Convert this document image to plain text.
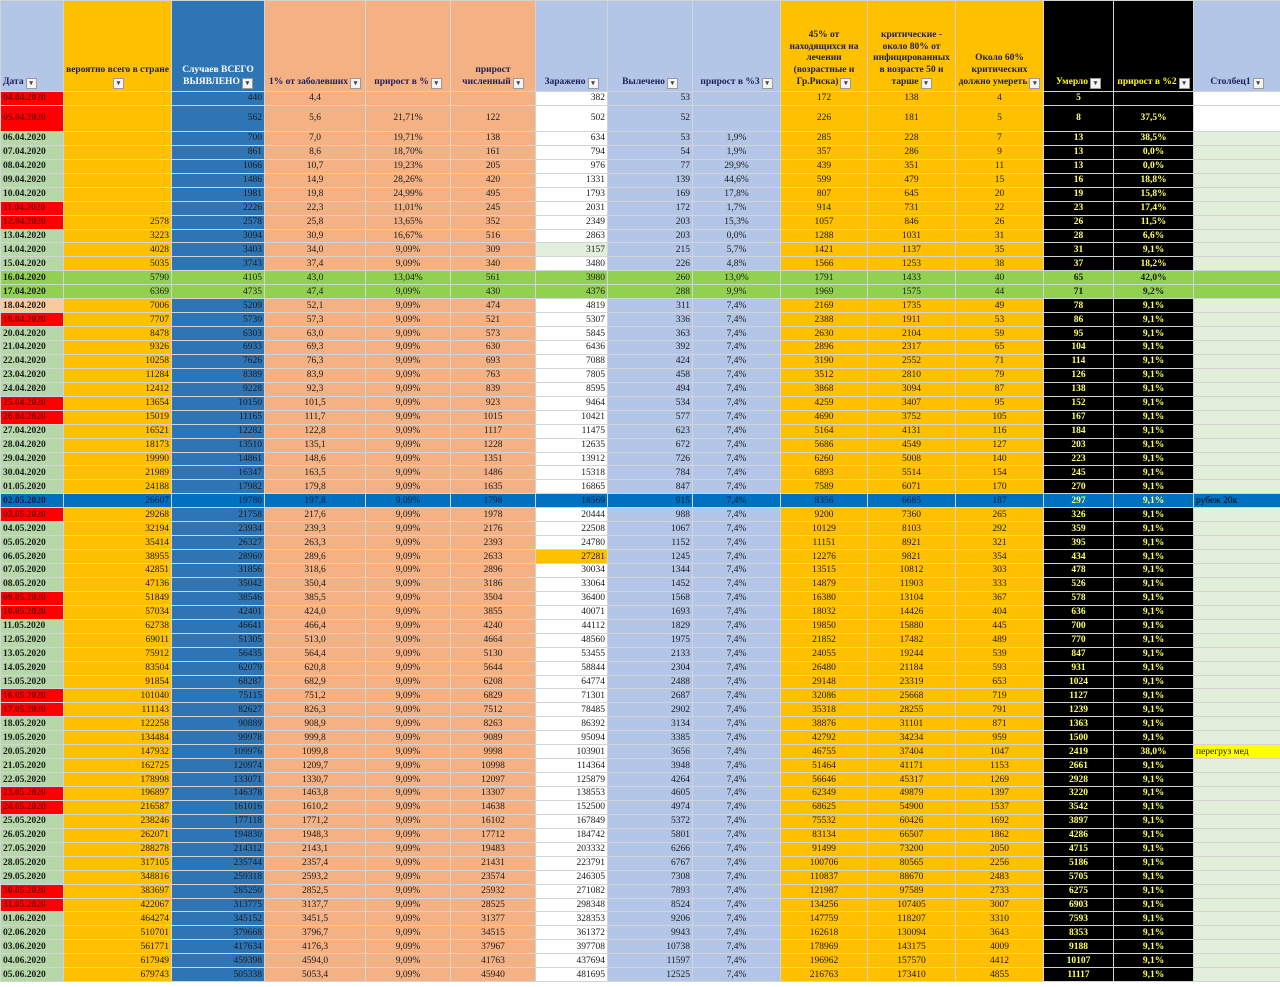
Дата ▾	вероятно всего в стране▾	Случаев ВСЕГО ВЫЯВЛЕНО ▾	1% от заболевших ▾	прирост в % ▾	прирост численный ▾	Заражено ▾	Вылечено ▾	прирост в %3 ▾	45% от находящихся на лечении (возрастные и Гр.Риска) ▾	критические - около 80% от инфицированных в возрасте 50 и тарше ▾	Около 60% критических должно умереть ▾	Умерло ▾	прирост в %2 ▾	Столбец1 ▾
04.04.2020		440	4,4			382	53		172	138	4	5		
05.04.2020		562	5,6	21,71%	122	502	52		226	181	5	8	37,5%	
06.04.2020		700	7,0	19,71%	138	634	53	1,9%	285	228	7	13	38,5%	
07.04.2020		861	8,6	18,70%	161	794	54	1,9%	357	286	9	13	0,0%	
08.04.2020		1066	10,7	19,23%	205	976	77	29,9%	439	351	11	13	0,0%	
09.04.2020		1486	14,9	28,26%	420	1331	139	44,6%	599	479	15	16	18,8%	
10.04.2020		1981	19,8	24,99%	495	1793	169	17,8%	807	645	20	19	15,8%	
11.04.2020		2226	22,3	11,01%	245	2031	172	1,7%	914	731	22	23	17,4%	
12.04.2020	2578	2578	25,8	13,65%	352	2349	203	15,3%	1057	846	26	26	11,5%	
13.04.2020	3223	3094	30,9	16,67%	516	2863	203	0,0%	1288	1031	31	28	6,6%	
14.04.2020	4028	3403	34,0	9,09%	309	3157	215	5,7%	1421	1137	35	31	9,1%	
15.04.2020	5035	3743	37,4	9,09%	340	3480	226	4,8%	1566	1253	38	37	18,2%	
16.04.2020	5790	4105	43,0	13,04%	561	3980	260	13,0%	1791	1433	40	65	42,0%	
17.04.2020	6369	4735	47,4	9,09%	430	4376	288	9,9%	1969	1575	44	71	9,2%	
18.04.2020	7006	5209	52,1	9,09%	474	4819	311	7,4%	2169	1735	49	78	9,1%	
19.04.2020	7707	5730	57,3	9,09%	521	5307	336	7,4%	2388	1911	53	86	9,1%	
20.04.2020	8478	6303	63,0	9,09%	573	5845	363	7,4%	2630	2104	59	95	9,1%	
21.04.2020	9326	6933	69,3	9,09%	630	6436	392	7,4%	2896	2317	65	104	9,1%	
22.04.2020	10258	7626	76,3	9,09%	693	7088	424	7,4%	3190	2552	71	114	9,1%	
23.04.2020	11284	8389	83,9	9,09%	763	7805	458	7,4%	3512	2810	79	126	9,1%	
24.04.2020	12412	9228	92,3	9,09%	839	8595	494	7,4%	3868	3094	87	138	9,1%	
25.04.2020	13654	10150	101,5	9,09%	923	9464	534	7,4%	4259	3407	95	152	9,1%	
26.04.2020	15019	11165	111,7	9,09%	1015	10421	577	7,4%	4690	3752	105	167	9,1%	
27.04.2020	16521	12282	122,8	9,09%	1117	11475	623	7,4%	5164	4131	116	184	9,1%	
28.04.2020	18173	13510	135,1	9,09%	1228	12635	672	7,4%	5686	4549	127	203	9,1%	
29.04.2020	19990	14861	148,6	9,09%	1351	13912	726	7,4%	6260	5008	140	223	9,1%	
30.04.2020	21989	16347	163,5	9,09%	1486	15318	784	7,4%	6893	5514	154	245	9,1%	
01.05.2020	24188	17982	179,8	9,09%	1635	16865	847	7,4%	7589	6071	170	270	9,1%	
02.05.2020	26607	19780	197,8	9,09%	1798	18569	915	7,4%	8356	6685	187	297	9,1%	рубеж 20к
03.05.2020	29268	21758	217,6	9,09%	1978	20444	988	7,4%	9200	7360	265	326	9,1%	
04.05.2020	32194	23934	239,3	9,09%	2176	22508	1067	7,4%	10129	8103	292	359	9,1%	
05.05.2020	35414	26327	263,3	9,09%	2393	24780	1152	7,4%	11151	8921	321	395	9,1%	
06.05.2020	38955	28960	289,6	9,09%	2633	27281	1245	7,4%	12276	9821	354	434	9,1%	
07.05.2020	42851	31856	318,6	9,09%	2896	30034	1344	7,4%	13515	10812	303	478	9,1%	
08.05.2020	47136	35042	350,4	9,09%	3186	33064	1452	7,4%	14879	11903	333	526	9,1%	
09.05.2020	51849	38546	385,5	9,09%	3504	36400	1568	7,4%	16380	13104	367	578	9,1%	
10.05.2020	57034	42401	424,0	9,09%	3855	40071	1693	7,4%	18032	14426	404	636	9,1%	
11.05.2020	62738	46641	466,4	9,09%	4240	44112	1829	7,4%	19850	15880	445	700	9,1%	
12.05.2020	69011	51305	513,0	9,09%	4664	48560	1975	7,4%	21852	17482	489	770	9,1%	
13.05.2020	75912	56435	564,4	9,09%	5130	53455	2133	7,4%	24055	19244	539	847	9,1%	
14.05.2020	83504	62079	620,8	9,09%	5644	58844	2304	7,4%	26480	21184	593	931	9,1%	
15.05.2020	91854	68287	682,9	9,09%	6208	64774	2488	7,4%	29148	23319	653	1024	9,1%	
16.05.2020	101040	75115	751,2	9,09%	6829	71301	2687	7,4%	32086	25668	719	1127	9,1%	
17.05.2020	111143	82627	826,3	9,09%	7512	78485	2902	7,4%	35318	28255	791	1239	9,1%	
18.05.2020	122258	90889	908,9	9,09%	8263	86392	3134	7,4%	38876	31101	871	1363	9,1%	
19.05.2020	134484	99978	999,8	9,09%	9089	95094	3385	7,4%	42792	34234	959	1500	9,1%	
20.05.2020	147932	109976	1099,8	9,09%	9998	103901	3656	7,4%	46755	37404	1047	2419	38,0%	перегруз мед
21.05.2020	162725	120974	1209,7	9,09%	10998	114364	3948	7,4%	51464	41171	1153	2661	9,1%	
22.05.2020	178998	133071	1330,7	9,09%	12097	125879	4264	7,4%	56646	45317	1269	2928	9,1%	
23.05.2020	196897	146378	1463,8	9,09%	13307	138553	4605	7,4%	62349	49879	1397	3220	9,1%	
24.05.2020	216587	161016	1610,2	9,09%	14638	152500	4974	7,4%	68625	54900	1537	3542	9,1%	
25.05.2020	238246	177118	1771,2	9,09%	16102	167849	5372	7,4%	75532	60426	1692	3897	9,1%	
26.05.2020	262071	194830	1948,3	9,09%	17712	184742	5801	7,4%	83134	66507	1862	4286	9,1%	
27.05.2020	288278	214312	2143,1	9,09%	19483	203332	6266	7,4%	91499	73200	2050	4715	9,1%	
28.05.2020	317105	235744	2357,4	9,09%	21431	223791	6767	7,4%	100706	80565	2256	5186	9,1%	
29.05.2020	348816	259318	2593,2	9,09%	23574	246305	7308	7,4%	110837	88670	2483	5705	9,1%	
30.05.2020	383697	285250	2852,5	9,09%	25932	271082	7893	7,4%	121987	97589	2733	6275	9,1%	
31.05.2020	422067	313775	3137,7	9,09%	28525	298348	8524	7,4%	134256	107405	3007	6903	9,1%	
01.06.2020	464274	345152	3451,5	9,09%	31377	328353	9206	7,4%	147759	118207	3310	7593	9,1%	
02.06.2020	510701	379668	3796,7	9,09%	34515	361372	9943	7,4%	162618	130094	3643	8353	9,1%	
03.06.2020	561771	417634	4176,3	9,09%	37967	397708	10738	7,4%	178969	143175	4009	9188	9,1%	
04.06.2020	617949	459398	4594,0	9,09%	41763	437694	11597	7,4%	196962	157570	4412	10107	9,1%	
05.06.2020	679743	505338	5053,4	9,09%	45940	481695	12525	7,4%	216763	173410	4855	11117	9,1%	
